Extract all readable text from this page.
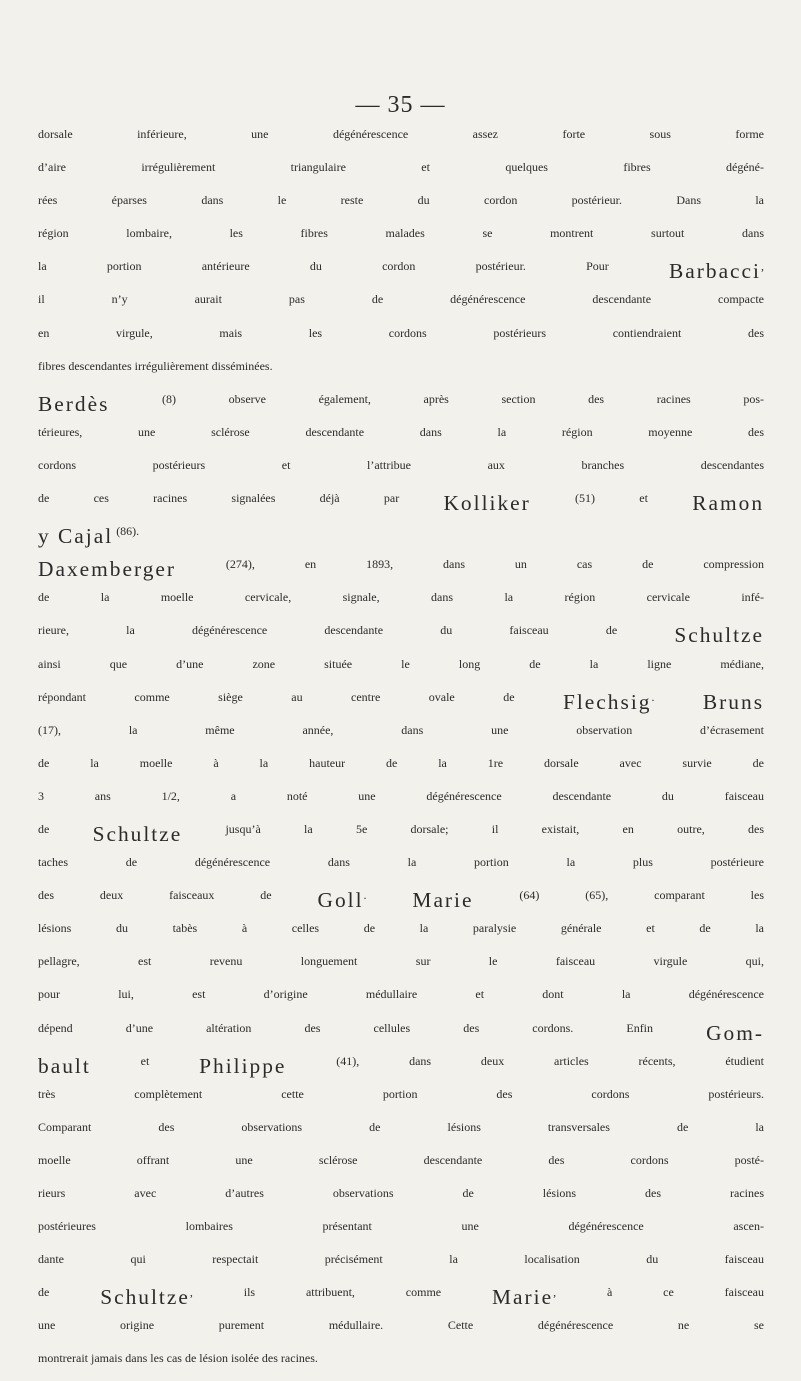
— 35 —
$^{dorsale inférieure, une dégénérescence assez forte sous forme}$
$^{d’aire irrégulièrement triangulaire et quelques fibres dégéné-}$
$^{rées éparses dans le reste du cordon postérieur. Dans la}$
$^{région lombaire, les fibres malades se montrent surtout dans}$
$^{la portion antérieure du cordon postérieur. Pour}$ Barbacci,
$^{il n’y aurait pas de dégénérescence descendante compacte}$
$^{en virgule, mais les cordons postérieurs contiendraient des}$
$^{fibres descendantes irrégulièrement disséminées.}$
Berdès $^{(8) observe également, après section des racines pos-}$
$^{térieures, une sclérose descendante dans la région moyenne des}$
$^{cordons postérieurs et l’attribue aux branches descendantes}$
$^{de ces racines signalées déjà par}$ Kolliker $^{(51) et}$ Ramon
y Cajal $^{(86).}$
Daxemberger $^{(274), en 1893, dans un cas de compression}$
$^{de la moelle cervicale, signale, dans la région cervicale infé-}$
$^{rieure, la dégénérescence descendante du faisceau de}$ Schultze
$^{ainsi que d’une zone située le long de la ligne médiane,}$
$^{répondant comme siège au centre ovale de}$ Flechsig. Bruns
$^{(17), la même année, dans une observation d’écrasement}$
$^{de la moelle à la hauteur de la 1re}$ $^{dorsale avec survie de}$
$^{3 ans 1/2, a noté une dégénérescence descendante du faisceau}$
$^{de}$ Schultze $^{jusqu’à la 5e}$ $^{dorsale; il existait, en outre, des}$
$^{taches de dégénérescence dans la portion la plus postérieure}$
$^{des deux faisceaux de}$ Goll. Marie $^{(64) (65), comparant les}$
$^{lésions du tabès à celles de la paralysie générale et de la}$
$^{pellagre, est revenu longuement sur le faisceau virgule qui,}$
$^{pour lui, est d’origine médullaire et dont la dégénérescence}$
$^{dépend d’une altération des cellules des cordons. Enfin}$ Gom-
bault $^{et}$ Philippe $^{(41), dans deux articles récents, étudient}$
$^{très complètement cette portion des cordons postérieurs.}$
$^{Comparant des observations de lésions transversales de la}$
$^{moelle offrant une sclérose descendante des cordons posté-}$
$^{rieurs avec d’autres observations de lésions des racines}$
$^{postérieures lombaires présentant une dégénérescence ascen-}$
$^{dante qui respectait précisément la localisation du faisceau}$
$^{de}$ Schultze$^{, ils attribuent, comme}$ Marie$^{, à ce faisceau}$
$^{une origine purement médullaire. Cette dégénérescence ne se}$
$^{montrerait jamais dans les cas de lésion isolée des racines.}$
